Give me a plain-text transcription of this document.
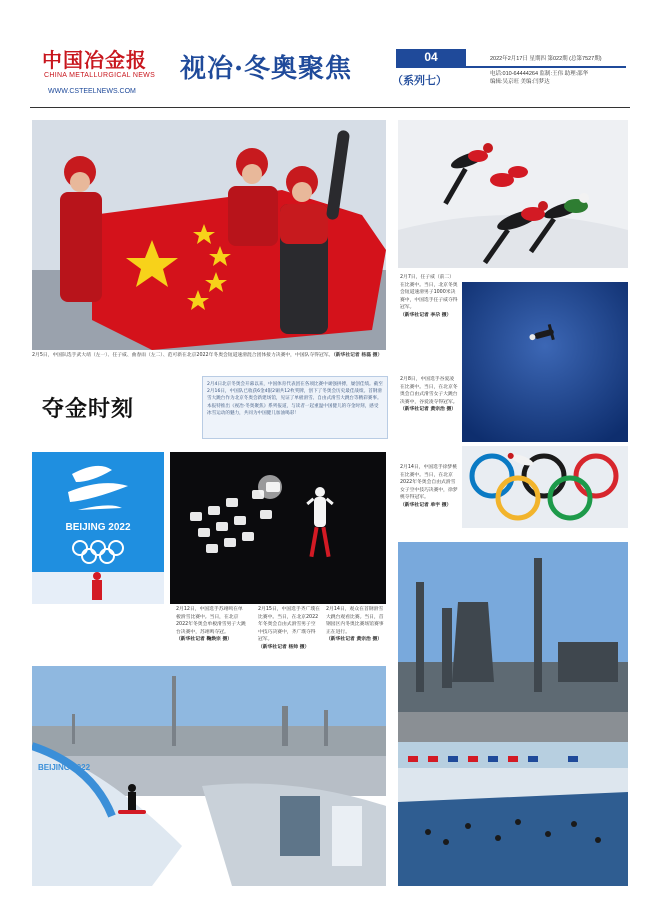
中国冶金报
CHINA METALLURGICAL NEWS
WWW.CSTEELNEWS.COM
视冶·冬奥聚焦	（系列七）
04	2022年2月17日 星期四 第022期 (总第7527期)
电话:010-64444264 监制:王伟 助理:邵华
编辑:吴京旺 美编:闫梦达
2月5日，中国队选手武大靖（左一）、任子威、曲春雨（左二）、范可新在北京2022年冬奥会短道速滑混合团体接力决赛中，中国队夺得冠军。（新华社记者 杨磊 摄）
2月7日，任子威（前二）在比赛中。当日，北京冬奥会短道速滑男子1000米决赛中，中国选手任子威夺得冠军。
（新华社记者 李尕 摄）
2月8日，中国选手谷爱凌在比赛中。当日，在北京冬奥会自由式滑雪女子大跳台决赛中，谷爱凌夺得冠军。
（新华社记者 黄宗治 摄）
2月14日，中国选手徐梦桃在比赛中。当日，在北京2022年冬奥会自由式滑雪女子空中技巧决赛中，徐梦桃夺得冠军。
（新华社记者 单宇 摄）
夺金时刻
2月4日北京冬奥会开幕以来，中国体育代表团在各项比赛中顽强拼搏，屡创佳绩。截至2月16日，中国队已收获6金4银2铜共12枚奖牌，创下了冬奥会历史最佳战绩。首钢滑雪大跳台作为北京冬奥会新建场馆，见证了单板滑雪、自由式滑雪大跳台等精彩赛事。本报特推出《视冶·冬奥聚焦》系列报道，与读者一起重温中国健儿的夺金时刻，感受冰雪运动的魅力，共同为中国健儿加油喝彩！
BEIJING 2022
2月12日，中国选手苏翊鸣在单板滑雪比赛中。当日，在北京2022年冬奥会单板滑雪男子大跳台决赛中，苏翊鸣夺冠。
（新华社记者 鞠焕宗 摄）
2月15日，中国选手齐广璞在比赛中。当日，在北京2022年冬奥会自由式滑雪男子空中技巧决赛中，齐广璞夺得冠军。
（新华社记者 杨帅 摄）
2月14日，观众在首钢滑雪大跳台观看比赛。当日，首钢园区内冬奥比赛场馆赛事正在进行。
（新华社记者 黄宗治 摄）
BEIJING 2022
